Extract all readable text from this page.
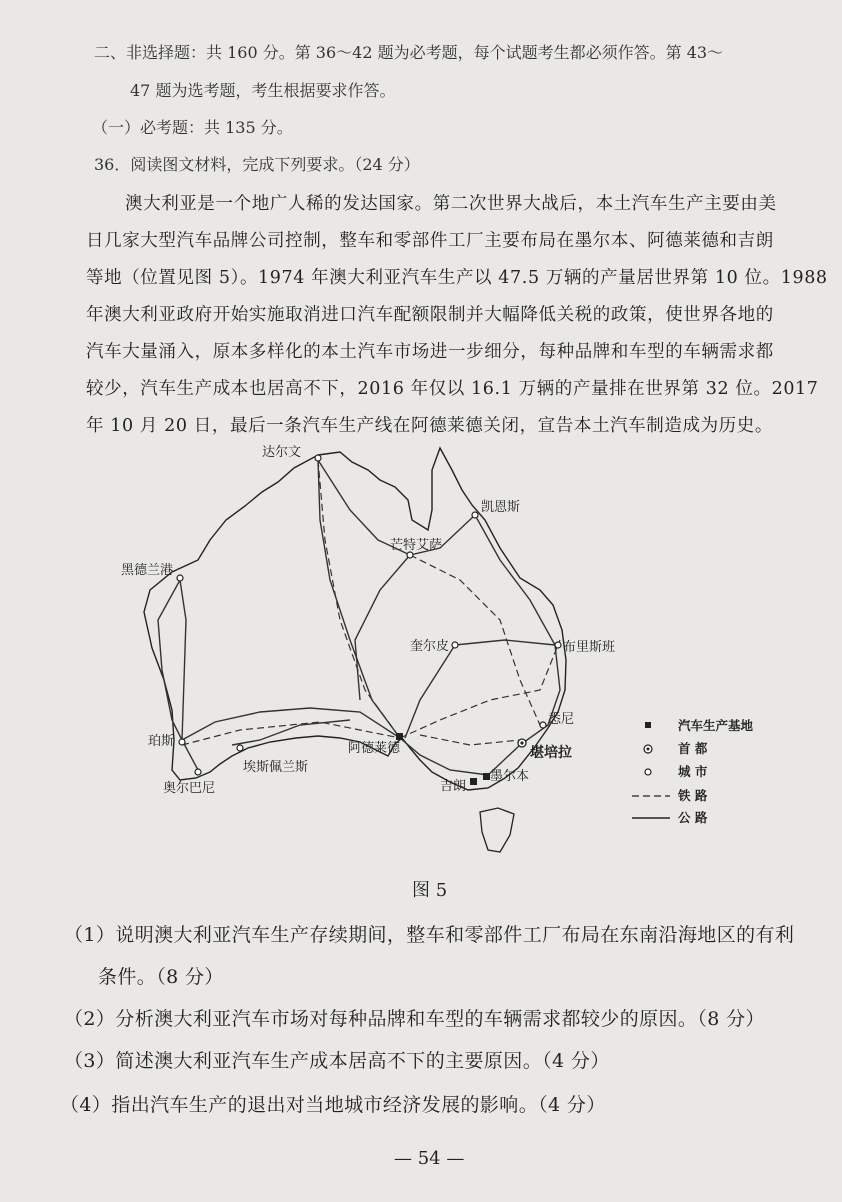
二、非选择题：共 160 分。第 36～42 题为必考题，每个试题考生都必须作答。第 43～
47 题为选考题，考生根据要求作答。
（一）必考题：共 135 分。
36．阅读图文材料，完成下列要求。（24 分）
澳大利亚是一个地广人稀的发达国家。第二次世界大战后，本土汽车生产主要由美
日几家大型汽车品牌公司控制，整车和零部件工厂主要布局在墨尔本、阿德莱德和吉朗
等地（位置见图 5）。1974 年澳大利亚汽车生产以 47.5 万辆的产量居世界第 10 位。1988
年澳大利亚政府开始实施取消进口汽车配额限制并大幅降低关税的政策，使世界各地的
汽车大量涌入，原本多样化的本土汽车市场进一步细分，每种品牌和车型的车辆需求都
较少，汽车生产成本也居高不下，2016 年仅以 16.1 万辆的产量排在世界第 32 位。2017
年 10 月 20 日，最后一条汽车生产线在阿德莱德关闭，宣告本土汽车制造成为历史。
达尔文
凯恩斯
芒特艾萨
黑德兰港
奎尔皮	布里斯班
悉尼
堪培拉
珀斯	阿德莱德
埃斯佩兰斯
奥尔巴尼	吉朗
墨尔本
汽车生产基地
首 都
城 市
铁 路
公 路
图 5
（1）说明澳大利亚汽车生产存续期间，整车和零部件工厂布局在东南沿海地区的有利
条件。（8 分）
（2）分析澳大利亚汽车市场对每种品牌和车型的车辆需求都较少的原因。（8 分）
（3）简述澳大利亚汽车生产成本居高不下的主要原因。（4 分）
（4）指出汽车生产的退出对当地城市经济发展的影响。（4 分）
— 54 —
